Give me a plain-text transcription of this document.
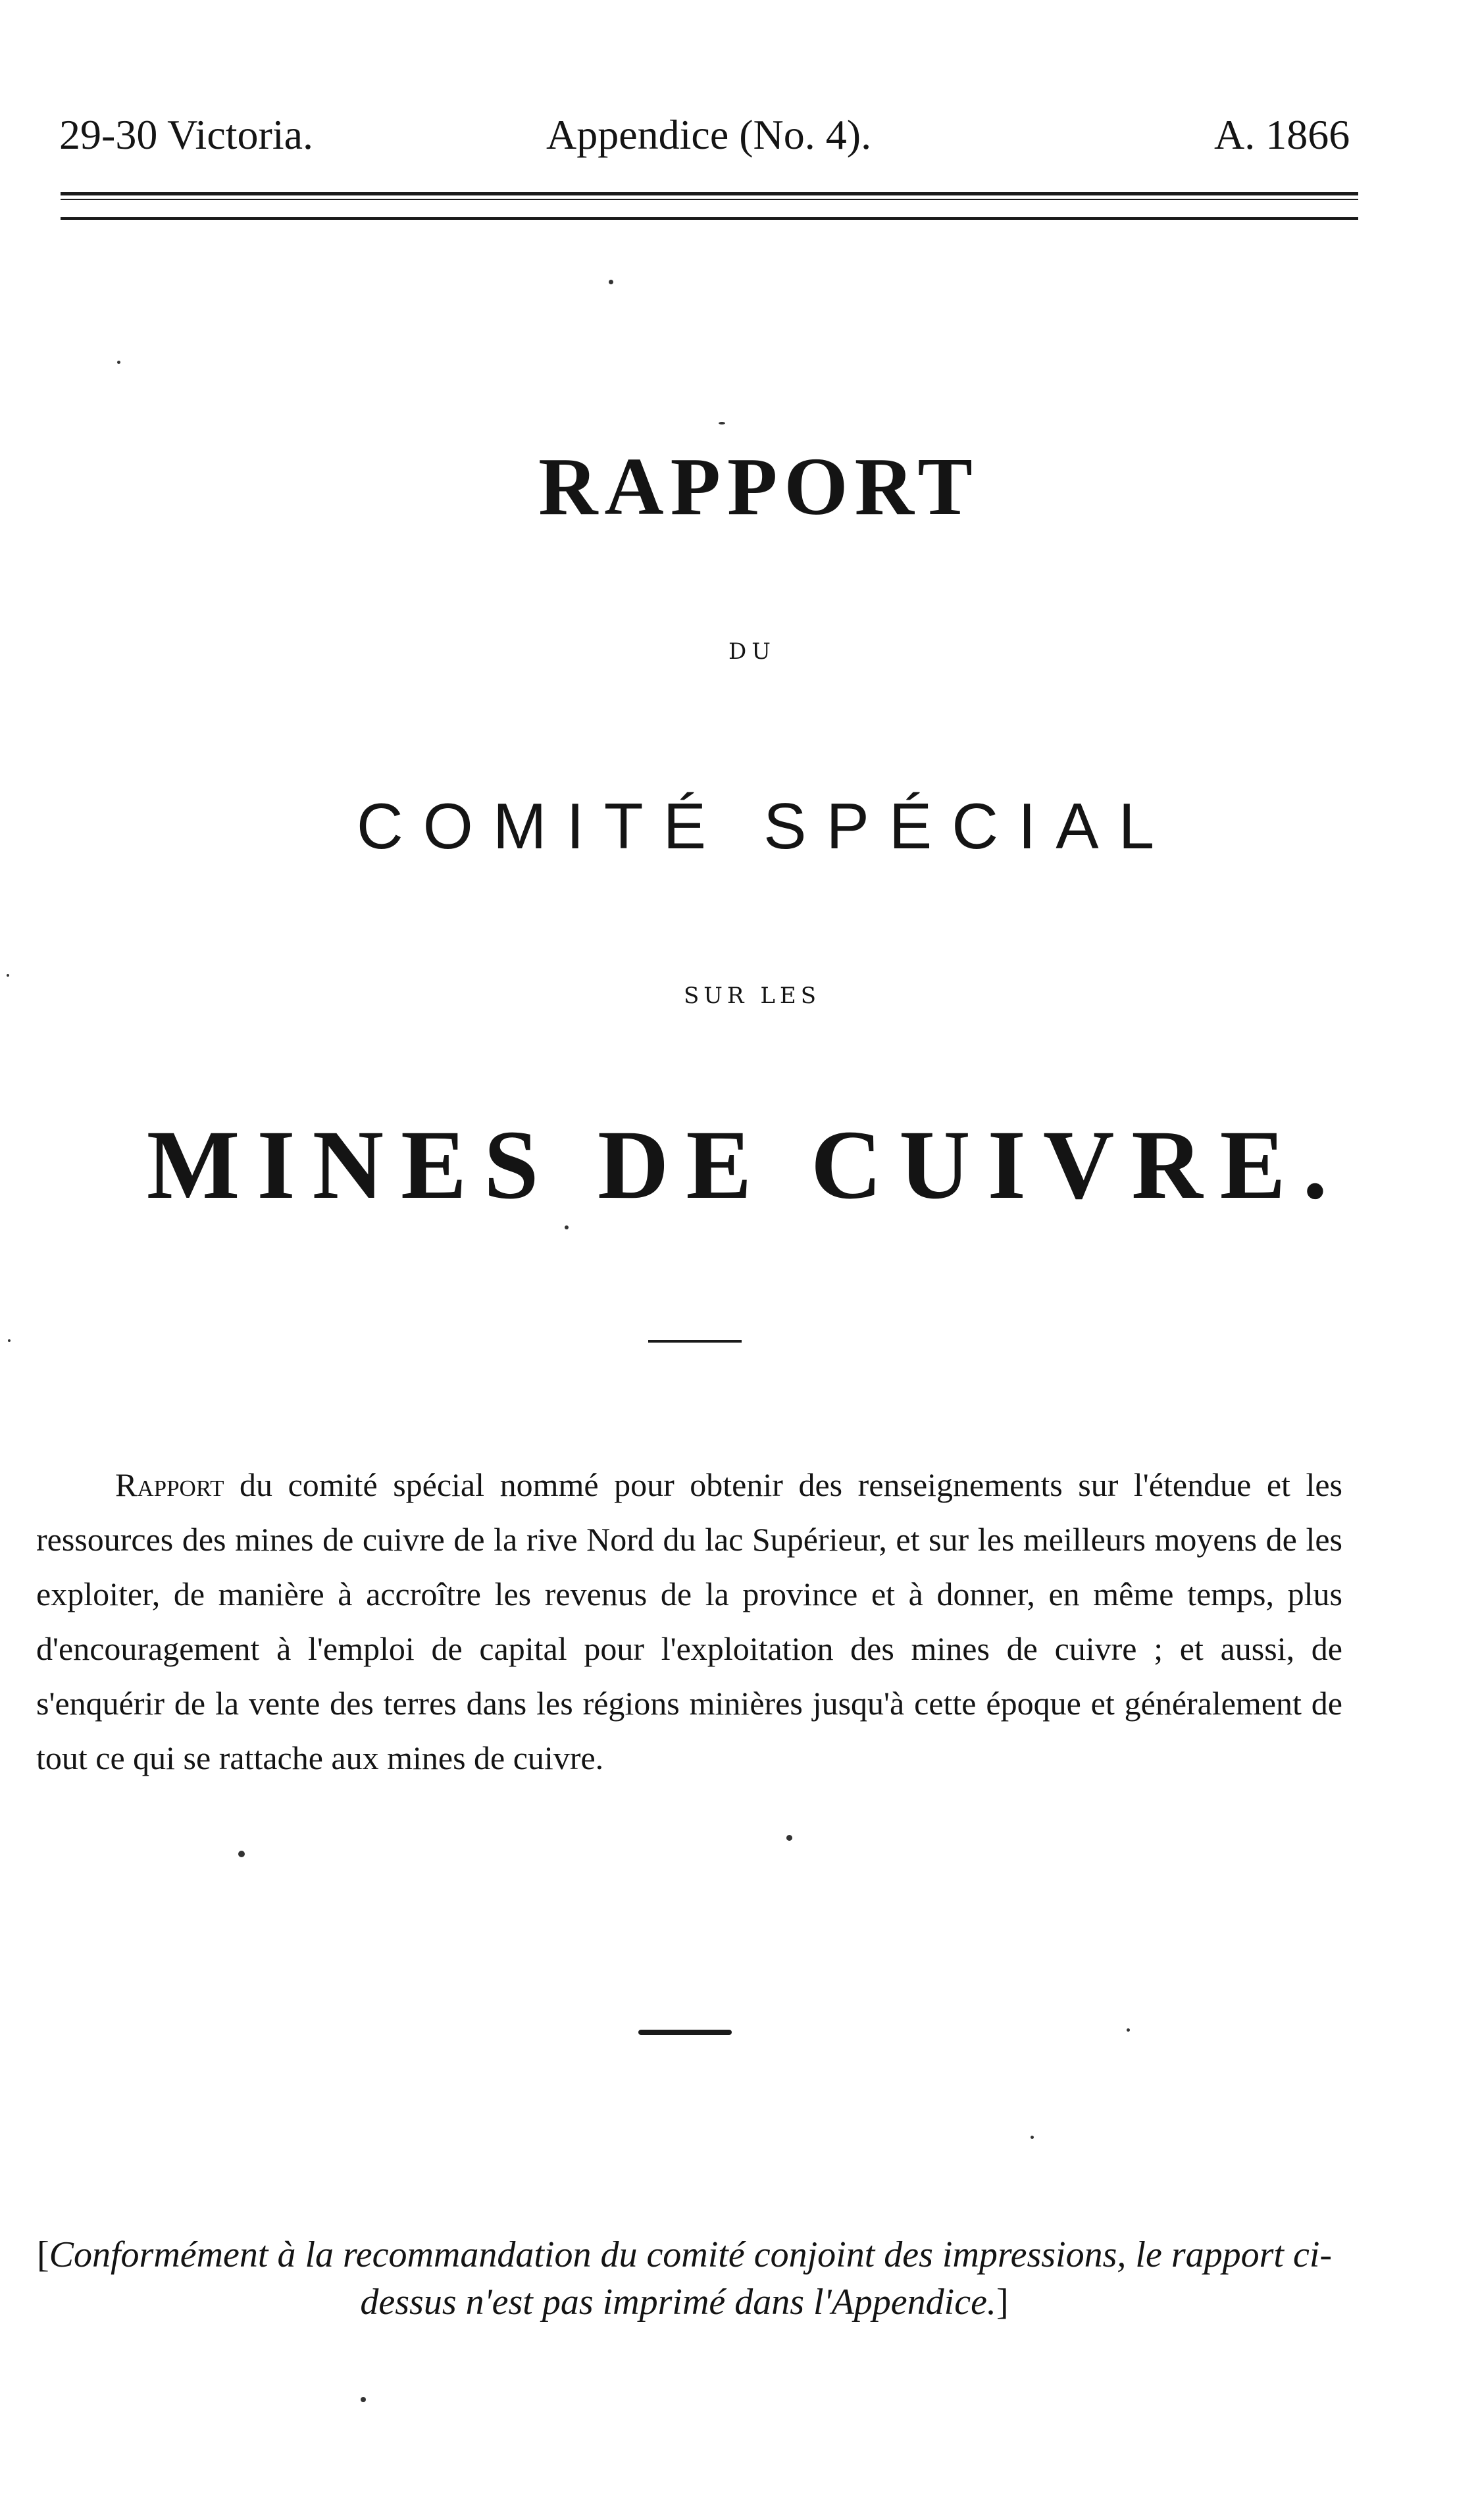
29-30 Victoria.	Appendice (No. 4).	A. 1866
RAPPORT
DU
COMITÉ SPÉCIAL
SUR LES
MINES DE CUIVRE.
Rapport du comité spécial nommé pour obtenir des renseignements sur l'étendue et les ressources des mines de cuivre de la rive Nord du lac Supérieur, et sur les meilleurs moyens de les exploiter, de manière à accroître les revenus de la province et à donner, en même temps, plus d'encouragement à l'emploi de capital pour l'exploitation des mines de cuivre ; et aussi, de s'enquérir de la vente des terres dans les régions minières jusqu'à cette époque et généralement de tout ce qui se rattache aux mines de cuivre.
[Conformément à la recommandation du comité conjoint des impressions, le rapport ci-dessus n'est pas imprimé dans l'Appendice.]
